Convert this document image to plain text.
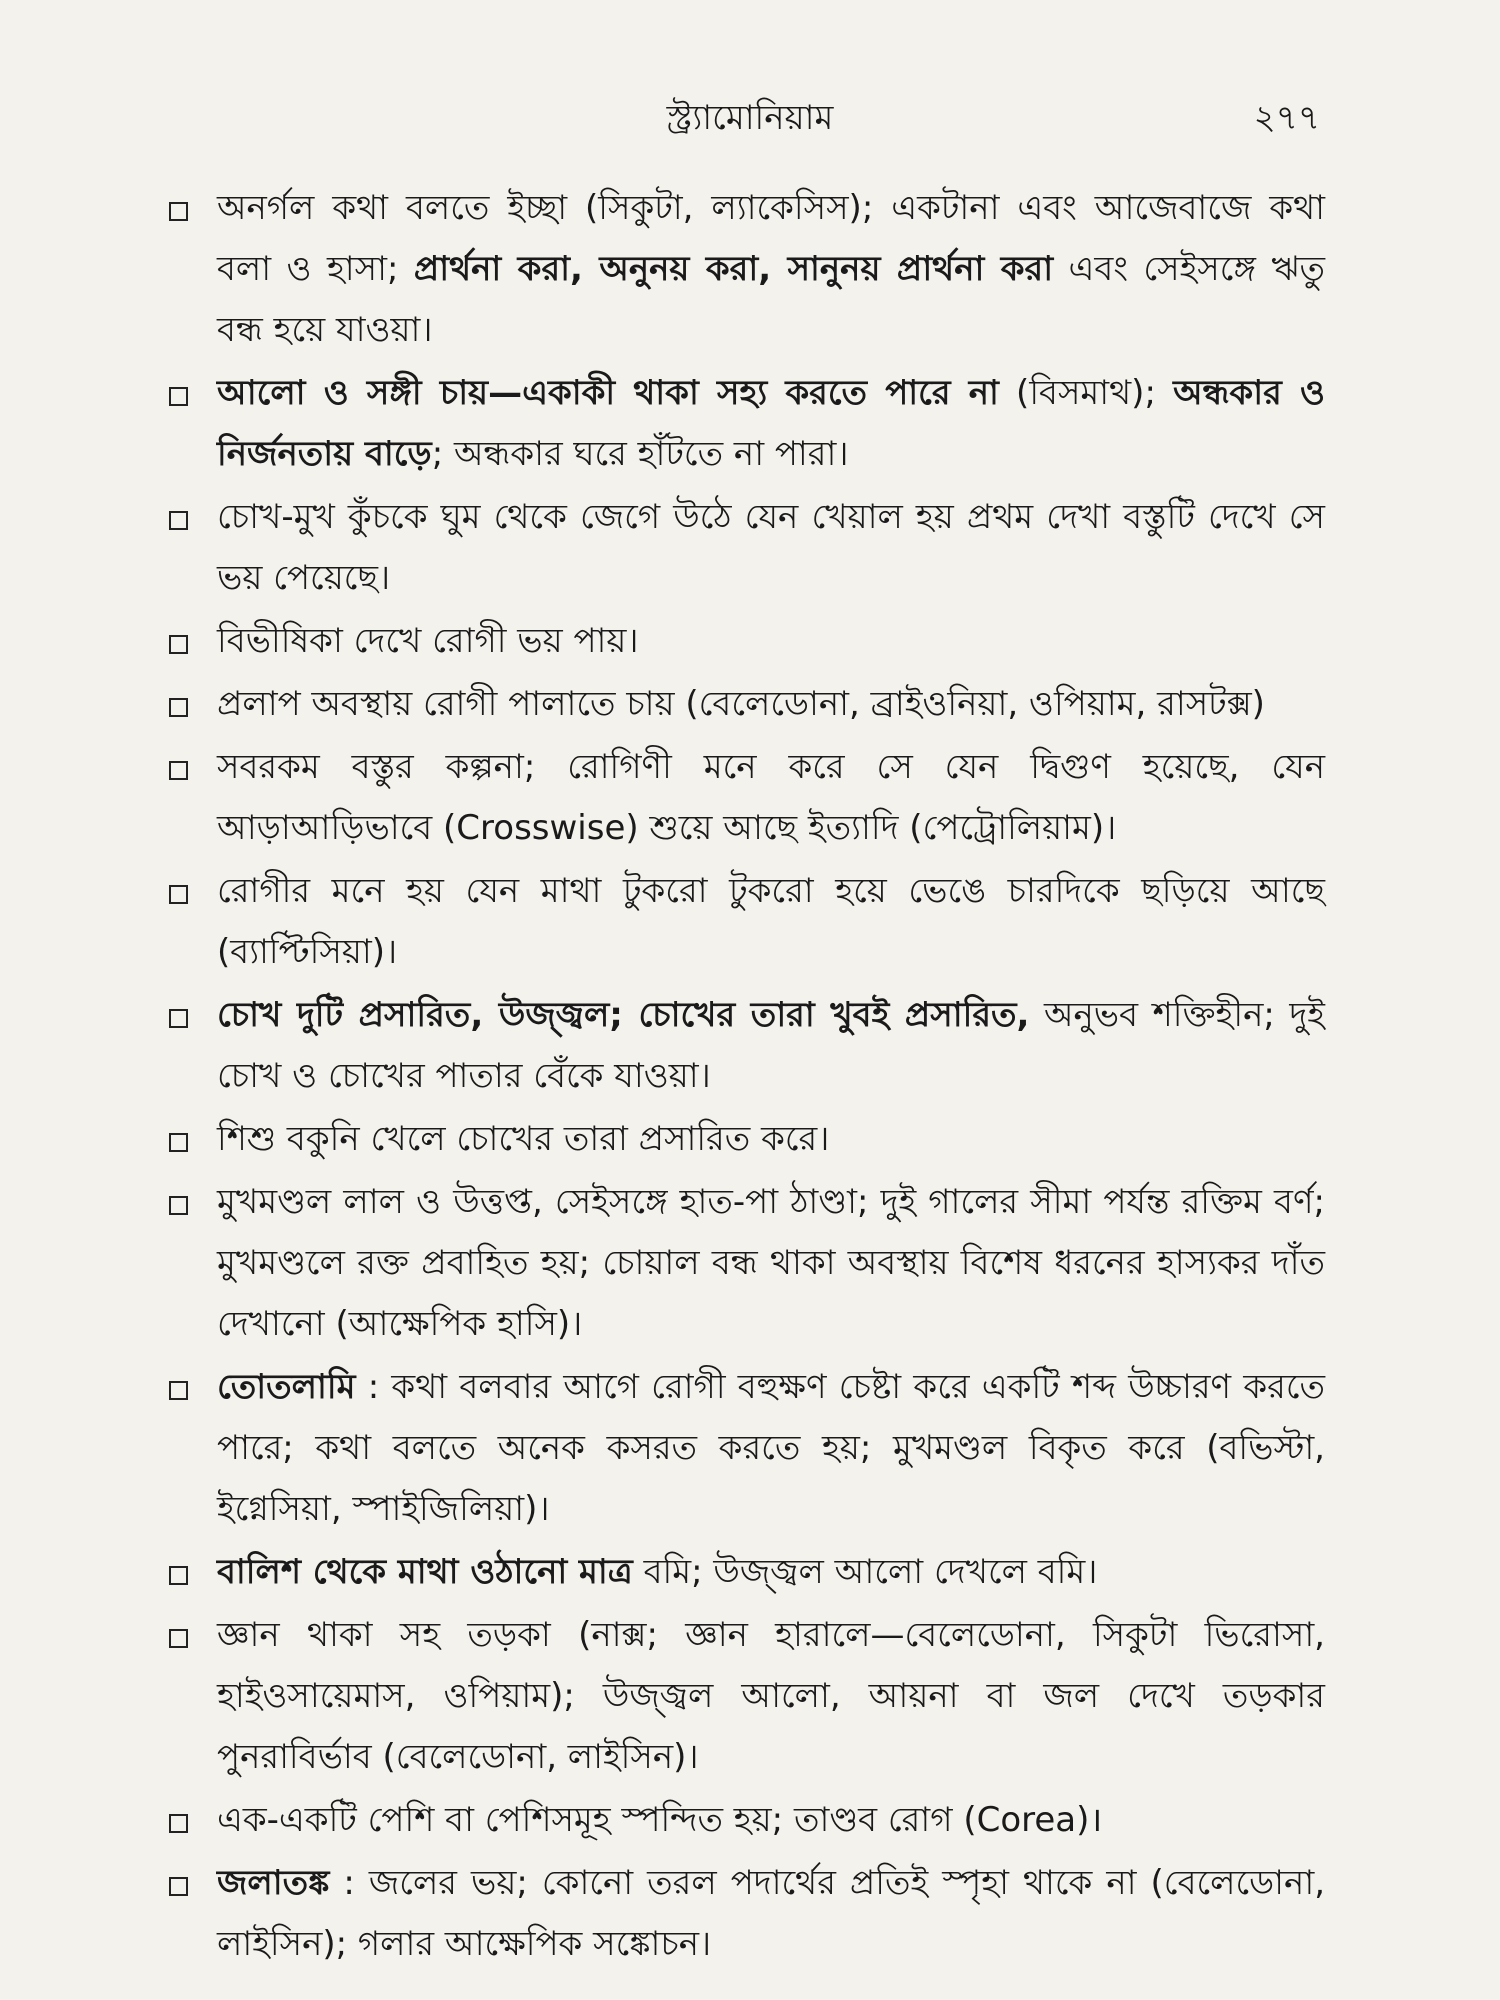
স্ট্র্যামোনিয়াম	২৭৭
অনর্গল কথা বলতে ইচ্ছা (সিকুটা, ল্যাকেসিস); একটানা এবং আজেবাজে কথা বলা ও হাসা; প্রার্থনা করা, অনুনয় করা, সানুনয় প্রার্থনা করা এবং সেইসঙ্গে ঋতু বন্ধ হয়ে যাওয়া।
আলো ও সঙ্গী চায়—একাকী থাকা সহ্য করতে পারে না (বিসমাথ); অন্ধকার ও নির্জনতায় বাড়ে; অন্ধকার ঘরে হাঁটতে না পারা।
চোখ-মুখ কুঁচকে ঘুম থেকে জেগে উঠে যেন খেয়াল হয় প্রথম দেখা বস্তুটি দেখে সে ভয় পেয়েছে।
বিভীষিকা দেখে রোগী ভয় পায়।
প্রলাপ অবস্থায় রোগী পালাতে চায় (বেলেডোনা, ব্রাইওনিয়া, ওপিয়াম, রাসটক্স)
সবরকম বস্তুর কল্পনা; রোগিণী মনে করে সে যেন দ্বিগুণ হয়েছে, যেন আড়াআড়িভাবে (Crosswise) শুয়ে আছে ইত্যাদি (পেট্রোলিয়াম)।
রোগীর মনে হয় যেন মাথা টুকরো টুকরো হয়ে ভেঙে চারদিকে ছড়িয়ে আছে (ব্যাপ্টিসিয়া)।
চোখ দুটি প্রসারিত, উজ্জ্বল; চোখের তারা খুবই প্রসারিত, অনুভব শক্তিহীন; দুই চোখ ও চোখের পাতার বেঁকে যাওয়া।
শিশু বকুনি খেলে চোখের তারা প্রসারিত করে।
মুখমণ্ডল লাল ও উত্তপ্ত, সেইসঙ্গে হাত-পা ঠাণ্ডা; দুই গালের সীমা পর্যন্ত রক্তিম বর্ণ; মুখমণ্ডলে রক্ত প্রবাহিত হয়; চোয়াল বন্ধ থাকা অবস্থায় বিশেষ ধরনের হাস্যকর দাঁত দেখানো (আক্ষেপিক হাসি)।
তোতলামি : কথা বলবার আগে রোগী বহুক্ষণ চেষ্টা করে একটি শব্দ উচ্চারণ করতে পারে; কথা বলতে অনেক কসরত করতে হয়; মুখমণ্ডল বিকৃত করে (বভিস্টা, ইগ্নেসিয়া, স্পাইজিলিয়া)।
বালিশ থেকে মাথা ওঠানো মাত্র বমি; উজ্জ্বল আলো দেখলে বমি।
জ্ঞান থাকা সহ তড়কা (নাক্স; জ্ঞান হারালে—বেলেডোনা, সিকুটা ভিরোসা, হাইওসায়েমাস, ওপিয়াম); উজ্জ্বল আলো, আয়না বা জল দেখে তড়কার পুনরাবির্ভাব (বেলেডোনা, লাইসিন)।
এক-একটি পেশি বা পেশিসমূহ স্পন্দিত হয়; তাণ্ডব রোগ (Corea)।
জলাতঙ্ক : জলের ভয়; কোনো তরল পদার্থের প্রতিই স্পৃহা থাকে না (বেলেডোনা, লাইসিন); গলার আক্ষেপিক সঙ্কোচন।
